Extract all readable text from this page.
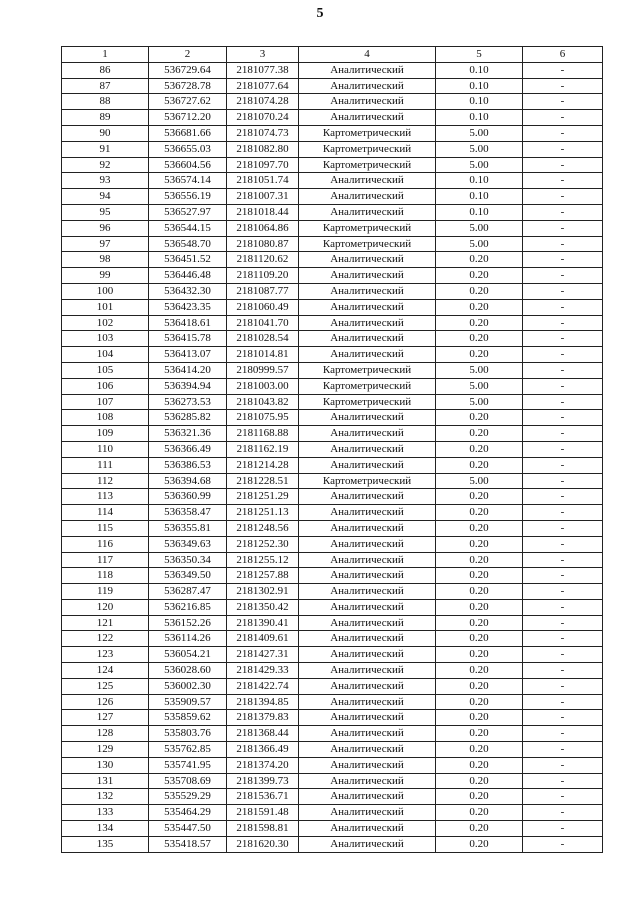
5
1	2	3	4	5	6
86	536729.64	2181077.38	Аналитический	0.10	-
87	536728.78	2181077.64	Аналитический	0.10	-
88	536727.62	2181074.28	Аналитический	0.10	-
89	536712.20	2181070.24	Аналитический	0.10	-
90	536681.66	2181074.73	Картометрический	5.00	-
91	536655.03	2181082.80	Картометрический	5.00	-
92	536604.56	2181097.70	Картометрический	5.00	-
93	536574.14	2181051.74	Аналитический	0.10	-
94	536556.19	2181007.31	Аналитический	0.10	-
95	536527.97	2181018.44	Аналитический	0.10	-
96	536544.15	2181064.86	Картометрический	5.00	-
97	536548.70	2181080.87	Картометрический	5.00	-
98	536451.52	2181120.62	Аналитический	0.20	-
99	536446.48	2181109.20	Аналитический	0.20	-
100	536432.30	2181087.77	Аналитический	0.20	-
101	536423.35	2181060.49	Аналитический	0.20	-
102	536418.61	2181041.70	Аналитический	0.20	-
103	536415.78	2181028.54	Аналитический	0.20	-
104	536413.07	2181014.81	Аналитический	0.20	-
105	536414.20	2180999.57	Картометрический	5.00	-
106	536394.94	2181003.00	Картометрический	5.00	-
107	536273.53	2181043.82	Картометрический	5.00	-
108	536285.82	2181075.95	Аналитический	0.20	-
109	536321.36	2181168.88	Аналитический	0.20	-
110	536366.49	2181162.19	Аналитический	0.20	-
111	536386.53	2181214.28	Аналитический	0.20	-
112	536394.68	2181228.51	Картометрический	5.00	-
113	536360.99	2181251.29	Аналитический	0.20	-
114	536358.47	2181251.13	Аналитический	0.20	-
115	536355.81	2181248.56	Аналитический	0.20	-
116	536349.63	2181252.30	Аналитический	0.20	-
117	536350.34	2181255.12	Аналитический	0.20	-
118	536349.50	2181257.88	Аналитический	0.20	-
119	536287.47	2181302.91	Аналитический	0.20	-
120	536216.85	2181350.42	Аналитический	0.20	-
121	536152.26	2181390.41	Аналитический	0.20	-
122	536114.26	2181409.61	Аналитический	0.20	-
123	536054.21	2181427.31	Аналитический	0.20	-
124	536028.60	2181429.33	Аналитический	0.20	-
125	536002.30	2181422.74	Аналитический	0.20	-
126	535909.57	2181394.85	Аналитический	0.20	-
127	535859.62	2181379.83	Аналитический	0.20	-
128	535803.76	2181368.44	Аналитический	0.20	-
129	535762.85	2181366.49	Аналитический	0.20	-
130	535741.95	2181374.20	Аналитический	0.20	-
131	535708.69	2181399.73	Аналитический	0.20	-
132	535529.29	2181536.71	Аналитический	0.20	-
133	535464.29	2181591.48	Аналитический	0.20	-
134	535447.50	2181598.81	Аналитический	0.20	-
135	535418.57	2181620.30	Аналитический	0.20	-
